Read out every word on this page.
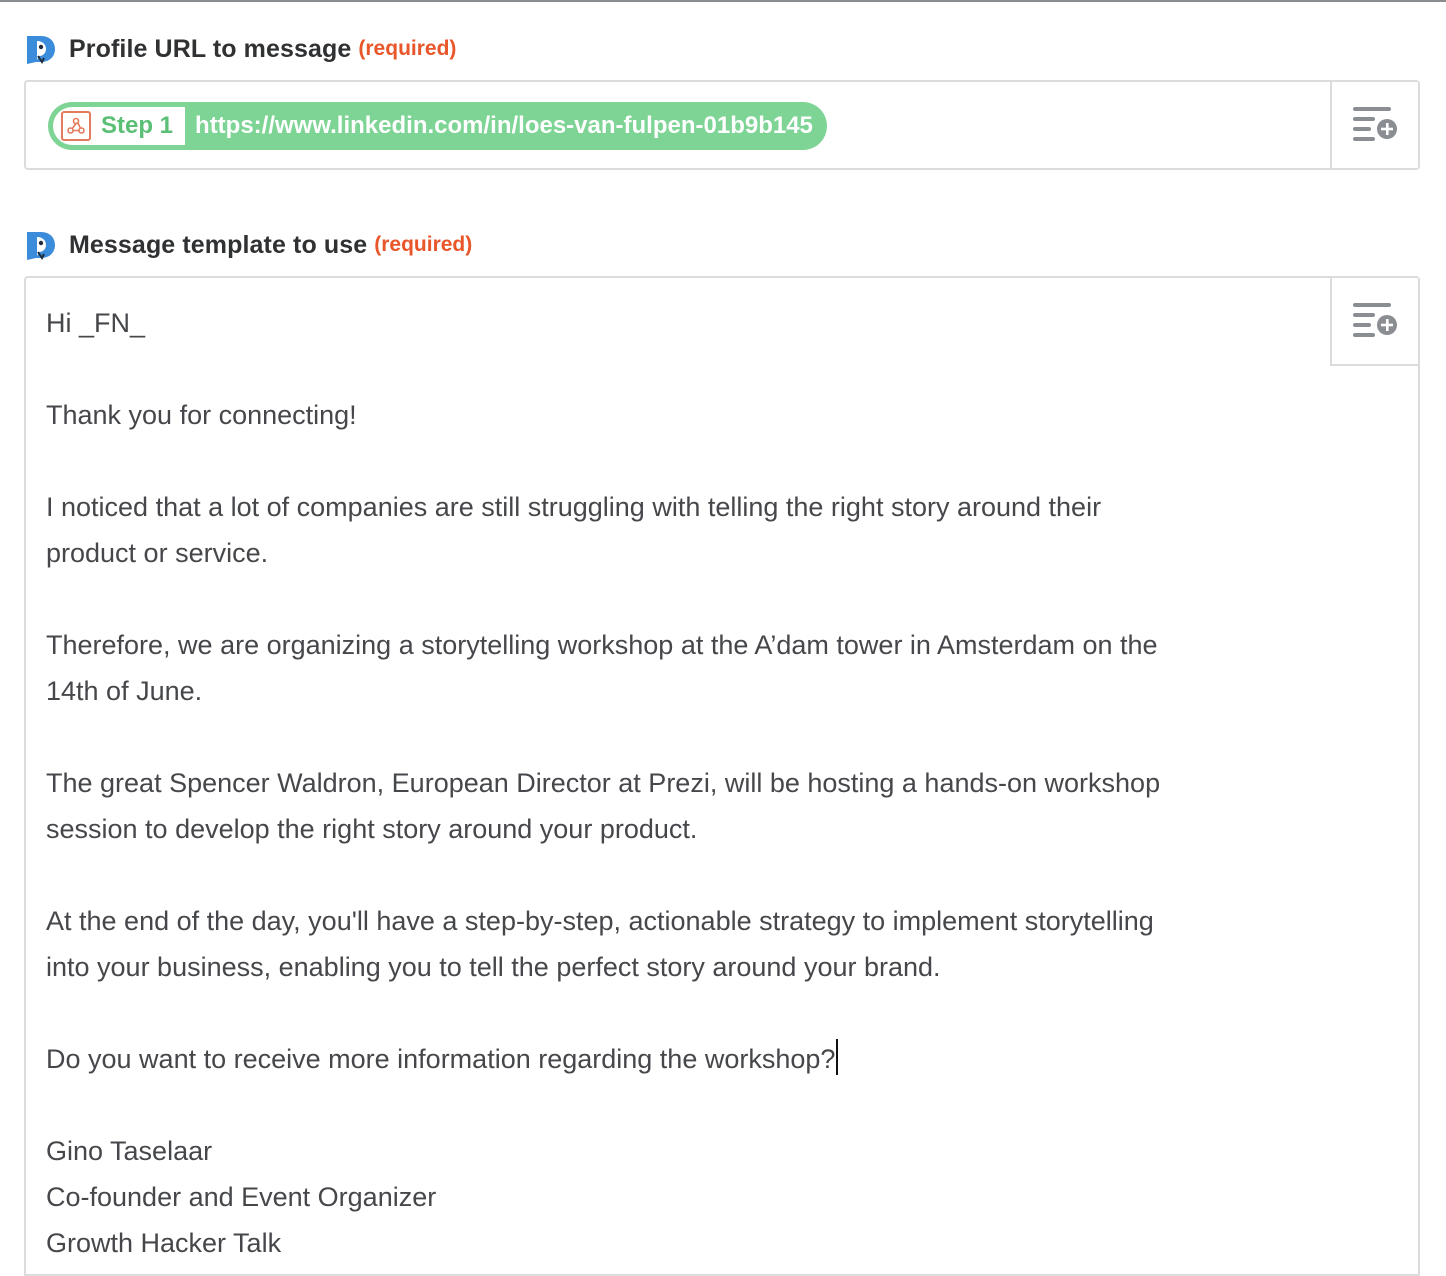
Profile URL to message (required)
Step 1 https://www.linkedin.com/in/loes-van-fulpen-01b9b145
Message template to use (required)
Hi _FN_
Thank you for connecting!
I noticed that a lot of companies are still struggling with telling the right story around their
product or service.
Therefore, we are organizing a storytelling workshop at the A’dam tower in Amsterdam on the
14th of June.
The great Spencer Waldron, European Director at Prezi, will be hosting a hands-on workshop
session to develop the right story around your product.
At the end of the day, you'll have a step-by-step, actionable strategy to implement storytelling
into your business, enabling you to tell the perfect story around your brand.
Do you want to receive more information regarding the workshop?
Gino Taselaar
Co-founder and Event Organizer
Growth Hacker Talk
